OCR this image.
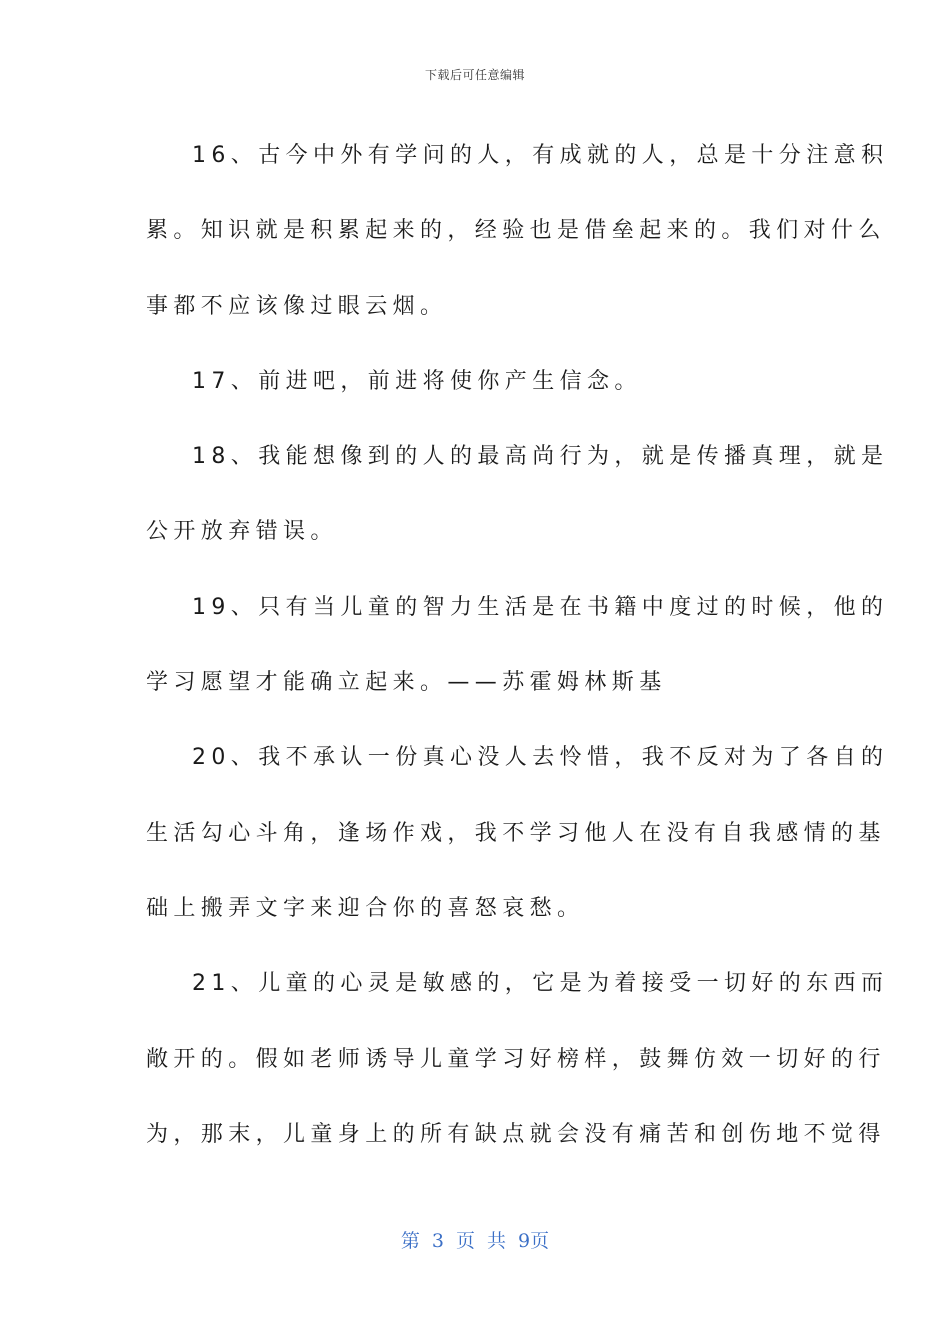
下载后可任意编辑

16、古今中外有学问的人，有成就的人，总是十分注意积
累。知识就是积累起来的，经验也是借垒起来的。我们对什么
事都不应该像过眼云烟。

17、前进吧，前进将使你产生信念。

18、我能想像到的人的最高尚行为，就是传播真理，就是
公开放弃错误。

19、只有当儿童的智力生活是在书籍中度过的时候，他的
学习愿望才能确立起来。——苏霍姆林斯基

20、我不承认一份真心没人去怜惜，我不反对为了各自的
生活勾心斗角，逢场作戏，我不学习他人在没有自我感情的基
础上搬弄文字来迎合你的喜怒哀愁。

21、儿童的心灵是敏感的，它是为着接受一切好的东西而
敞开的。假如老师诱导儿童学习好榜样，鼓舞仿效一切好的行
为，那末，儿童身上的所有缺点就会没有痛苦和创伤地不觉得

第 3 页 共 9页
